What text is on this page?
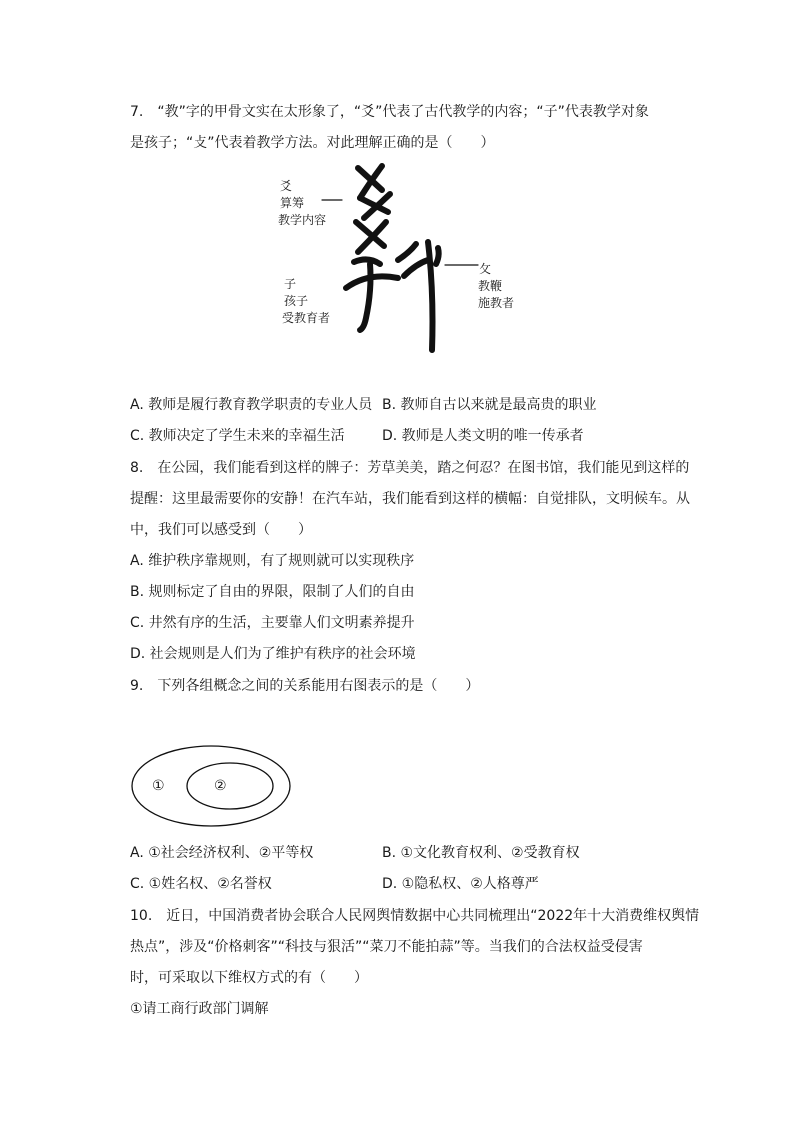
7.　“教”字的甲骨文实在太形象了，“爻”代表了古代教学的内容；“子”代表教学对象
是孩子；“攴”代表着教学方法。对此理解正确的是（　　）
爻
算筹
教学内容
子
孩子
受教育者
攵
教鞭
施教者
A. 教师是履行教育教学职责的专业人员 B. 教师自古以来就是最高贵的职业
C. 教师决定了学生未来的幸福生活	D. 教师是人类文明的唯一传承者
8.　在公园，我们能看到这样的牌子：芳草美美，踏之何忍？在图书馆，我们能见到这样的
提醒：这里最需要你的安静！在汽车站，我们能看到这样的横幅：自觉排队，文明候车。从
中，我们可以感受到（　　）
A. 维护秩序靠规则，有了规则就可以实现秩序
B. 规则标定了自由的界限，限制了人们的自由
C. 井然有序的生活，主要靠人们文明素养提升
D. 社会规则是人们为了维护有秩序的社会环境
9.　下列各组概念之间的关系能用右图表示的是（　　）
①	②
A. ①社会经济权利、②平等权	B. ①文化教育权利、②受教育权
C. ①姓名权、②名誉权	D. ①隐私权、②人格尊严
10.　近日，中国消费者协会联合人民网舆情数据中心共同梳理出“2022年十大消费维权舆情
热点”，涉及“价格刺客”“科技与狠活”“菜刀不能拍蒜”等。当我们的合法权益受侵害
时，可采取以下维权方式的有（　　）
①请工商行政部门调解
